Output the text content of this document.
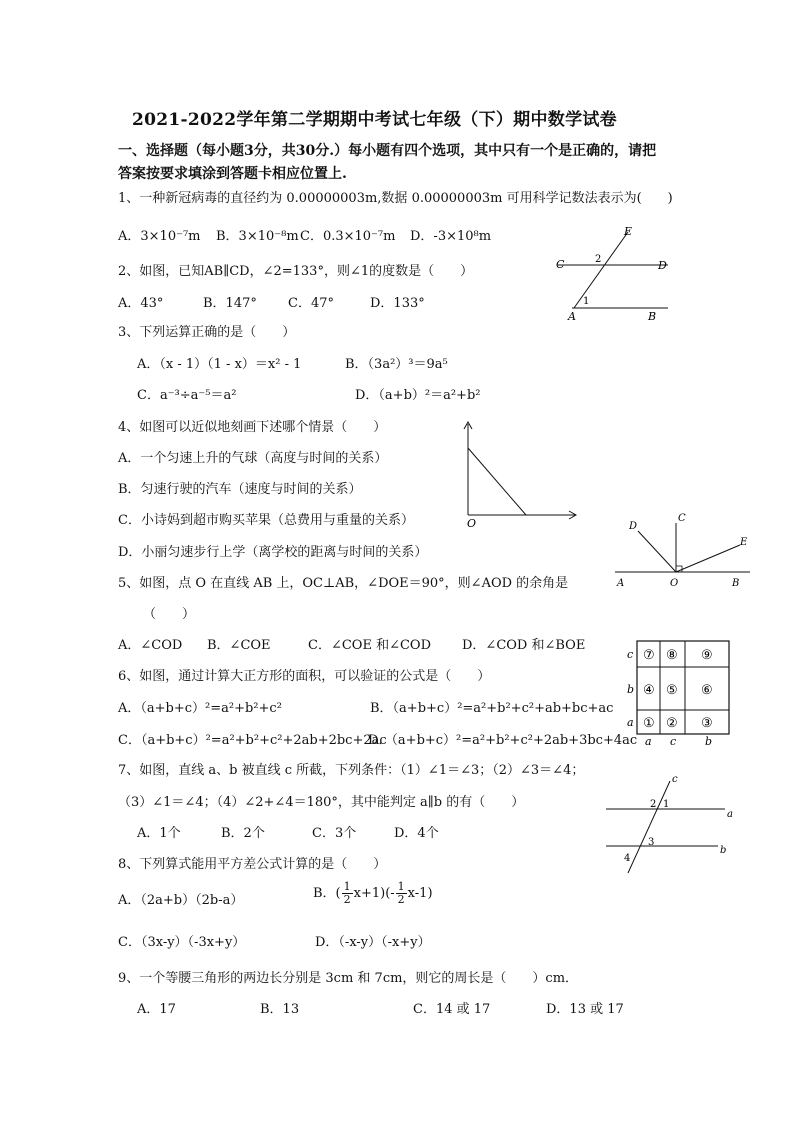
2021-2022学年第二学期期中考试七年级（下）期中数学试卷
一、选择题（每小题3分，共30分.）每小题有四个选项，其中只有一个是正确的，请把
答案按要求填涂到答题卡相应位置上.
1、一种新冠病毒的直径约为 0.00000003m,数据 0.00000003m 可用科学记数法表示为(　　)
A．3×10⁻⁷m B．3×10⁻⁸m C．0.3×10⁻⁷m D．-3×10⁸m
2、如图，已知AB∥CD，∠2=133°，则∠1的度数是（　　）
A．43°	B．147° C．47°	D．133°
E
C	2	D
1
A	B
3、下列运算正确的是（　　）
A．（x - 1）（1 - x）＝x² - 1	B．（3a²）³＝9a⁵
C．a⁻³÷a⁻⁵＝a²	D．（a+b）²＝a²+b²
4、如图可以近似地刻画下述哪个情景（　　）
A．一个匀速上升的气球（高度与时间的关系）
B．匀速行驶的汽车（速度与时间的关系）
C．小诗妈到超市购买苹果（总费用与重量的关系）
D．小丽匀速步行上学（离学校的距离与时间的关系）
O
5、如图，点 O 在直线 AB 上，OC⊥AB，∠DOE＝90°，则∠AOD 的余角是
（　　）
A．∠COD B．∠COE	C．∠COE 和∠COD D．∠COD 和∠BOE
D
C
E
A	O	B
6、如图，通过计算大正方形的面积，可以验证的公式是（　　）
A．（a+b+c）²=a²+b²+c²	B．（a+b+c）²=a²+b²+c²+ab+bc+ac
C．（a+b+c）²=a²+b²+c²+2ab+2bc+2ac
D．（a+b+c）²=a²+b²+c²+2ab+3bc+4ac
⑦ ⑧ ⑨
④ ⑤ ⑥
① ② ③
c
b
a
a c	b
7、如图，直线 a、b 被直线 c 所截，下列条件：（1）∠1＝∠3；（2）∠3＝∠4；
（3）∠1＝∠4；（4）∠2+∠4＝180°，其中能判定 a∥b 的有（　　）
A．1个	B．2个	C．3个	D．4个
c
2 1
a
3
b
4
8、下列算式能用平方差公式计算的是（　　）
A．（2a+b）（2b-a）	B．( $\frac{1}{2} x+1)(- \frac{1}{2} x-1)$
C．（3x-y）（-3x+y）	D．（-x-y）（-x+y）
9、一个等腰三角形的两边长分别是 3cm 和 7cm，则它的周长是（　　）cm．
A．17	B．13	C．14 或 17	D．13 或 17
